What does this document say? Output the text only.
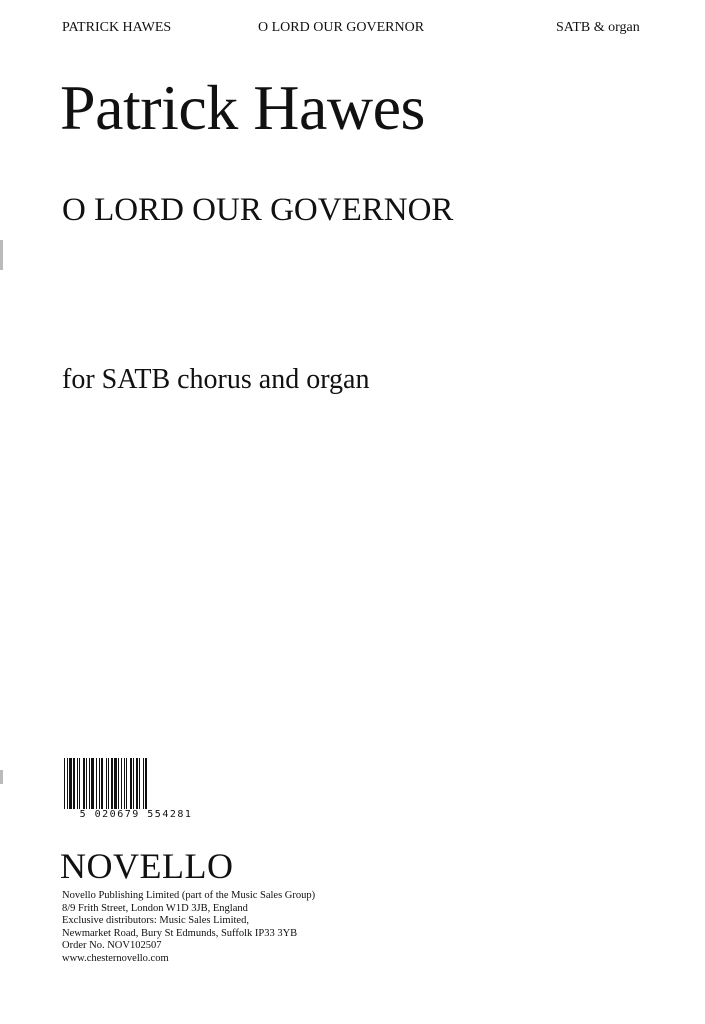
PATRICK HAWES	O LORD OUR GOVERNOR	SATB & organ
Patrick Hawes
O LORD OUR GOVERNOR
for SATB chorus and organ
5 020679 554281
NOVELLO
Novello Publishing Limited (part of the Music Sales Group)
8/9 Frith Street, London W1D 3JB, England
Exclusive distributors: Music Sales Limited,
Newmarket Road, Bury St Edmunds, Suffolk IP33 3YB
Order No. NOV102507
www.chesternovello.com
